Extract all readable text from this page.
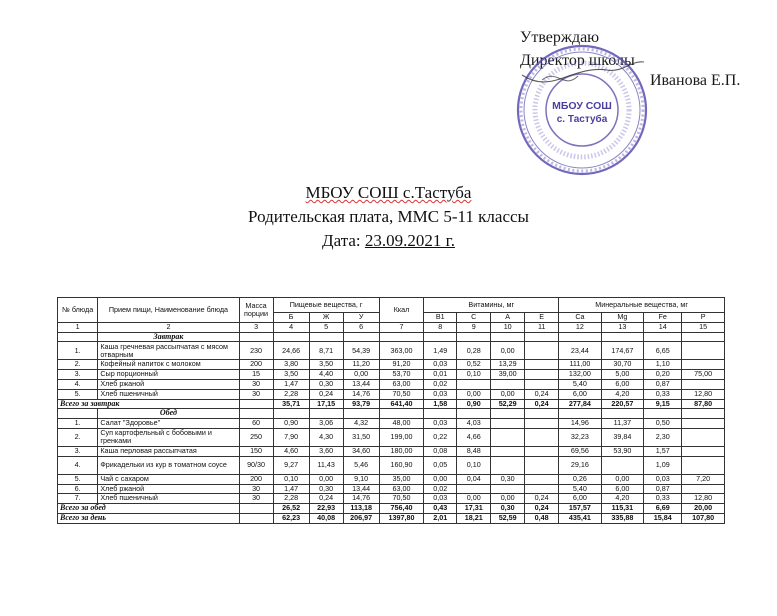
Утверждаю
Директор школы
Иванова Е.П.
МБОУ СОШ
с. Тастуба
МБОУ СОШ с.Тастуба
Родительская плата, ММС 5-11 классы
Дата: 23.09.2021 г.
№ блюда	Прием пищи, Наименование блюда	Масса порции	Пищевые вещества, г			Ккал	Витамины, мг				Минеральные вещества, мг			
			Б	Ж	У		B1	C	A	E	Ca	Mg	Fe	P
1	2	3	4	5	6	7	8	9	10	11	12	13	14	15
	Завтрак													
1.	Каша гречневая рассыпчатая с мясом отварным	230	24,66	8,71	54,39	363,00	1,49	0,28	0,00		23,44	174,67	6,65	
2.	Кофейный напиток с молоком	200	3,80	3,50	11,20	91,20	0,03	0,52	13,29		111,00	30,70	1,10	
3.	Сыр порционный	15	3,50	4,40	0,00	53,70	0,01	0,10	39,00		132,00	5,00	0,20	75,00
4.	Хлеб ржаной	30	1,47	0,30	13,44	63,00	0,02				5,40	6,00	0,87	
5.	Хлеб пшеничный	30	2,28	0,24	14,76	70,50	0,03	0,00	0,00	0,24	6,00	4,20	0,33	12,80
Всего за завтрак			35,71	17,15	93,79	641,40	1,58	0,90	52,29	0,24	277,84	220,57	9,15	87,80
	Обед													
1.	Салат "Здоровье"	60	0,90	3,06	4,32	48,00	0,03	4,03			14,96	11,37	0,50	
2.	Суп картофельный с бобовыми и гренками	250	7,90	4,30	31,50	199,00	0,22	4,66			32,23	39,84	2,30	
3.	Каша перловая рассыпчатая	150	4,60	3,60	34,60	180,00	0,08	8,48			69,56	53,90	1,57	
4.	Фрикадельки из кур в томатном соусе	90/30	9,27	11,43	5,46	160,90	0,05	0,10			29,16		1,09	
5.	Чай с сахаром	200	0,10	0,00	9,10	35,00	0,00	0,04	0,30		0,26	0,00	0,03	7,20
6.	Хлеб ржаной	30	1,47	0,30	13,44	63,00	0,02				5,40	6,00	0,87	
7.	Хлеб пшеничный	30	2,28	0,24	14,76	70,50	0,03	0,00	0,00	0,24	6,00	4,20	0,33	12,80
Всего за обед			26,52	22,93	113,18	756,40	0,43	17,31	0,30	0,24	157,57	115,31	6,69	20,00
Всего за день			62,23	40,08	206,97	1397,80	2,01	18,21	52,59	0,48	435,41	335,88	15,84	107,80
